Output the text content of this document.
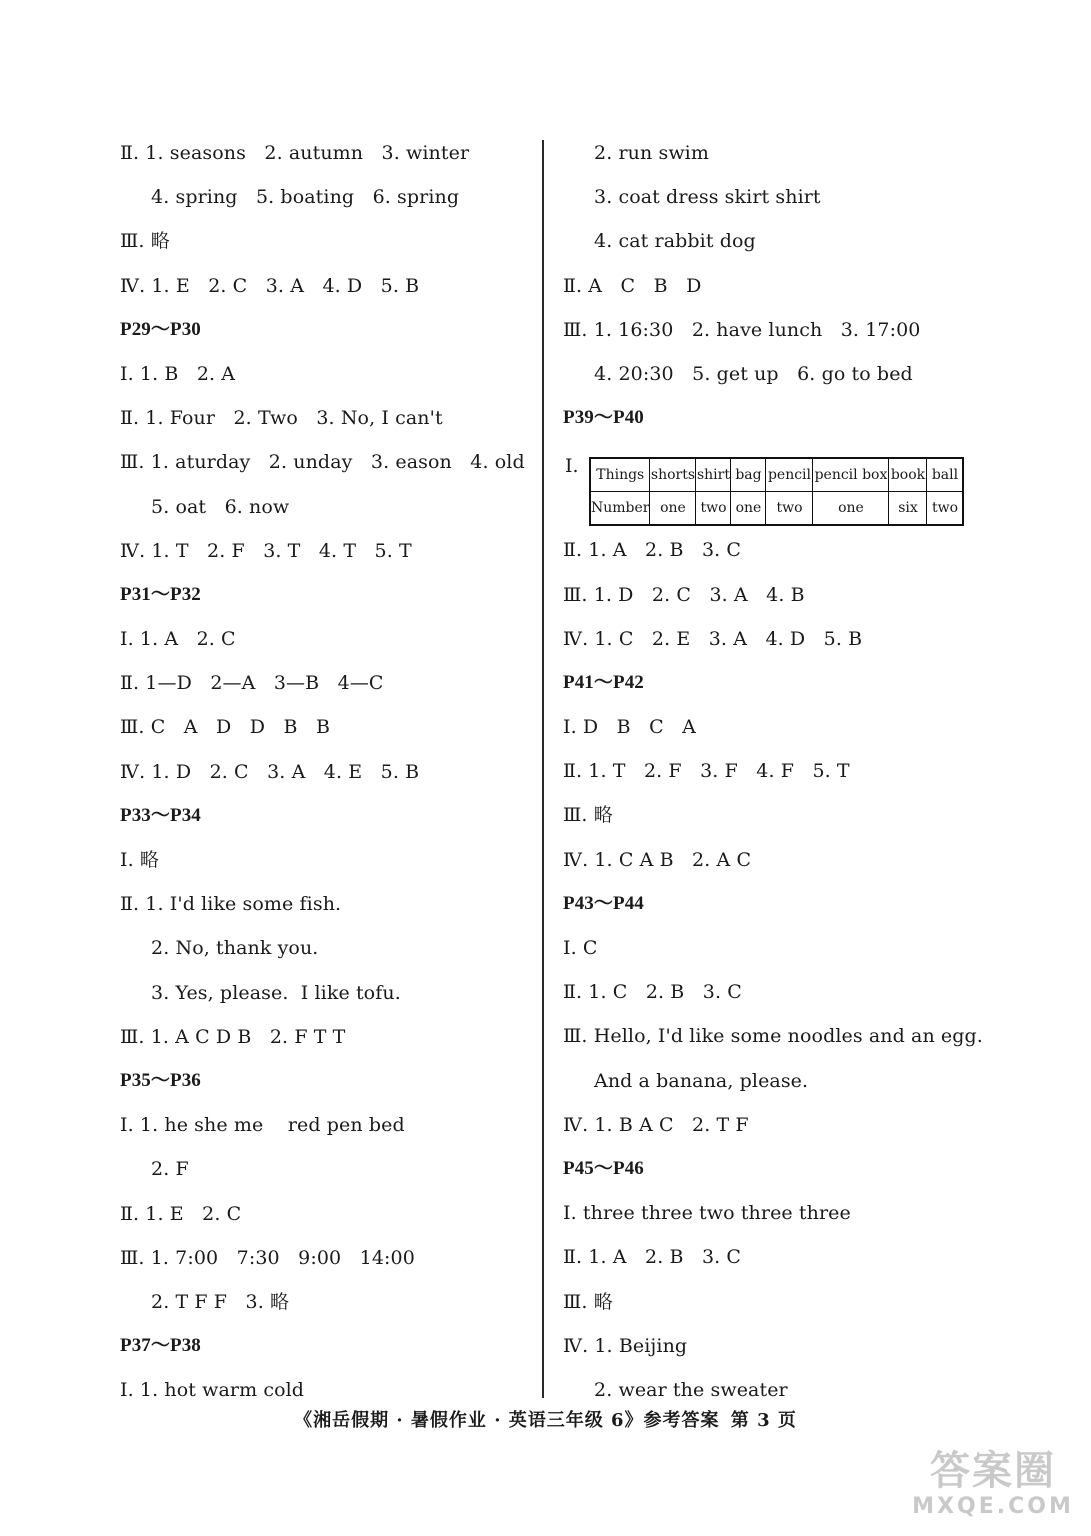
Ⅱ. 1. seasons   2. autumn   3. winter
4. spring   5. boating   6. spring
Ⅲ. 略
Ⅳ. 1. E   2. C   3. A   4. D   5. B
P29～P30
Ⅰ. 1. B   2. A
Ⅱ. 1. Four   2. Two   3. No, I can't
Ⅲ. 1. aturday   2. unday   3. eason   4. old
5. oat   6. now
Ⅳ. 1. T   2. F   3. T   4. T   5. T
P31～P32
Ⅰ. 1. A   2. C
Ⅱ. 1—D   2—A   3—B   4—C
Ⅲ. C   A   D   D   B   B
Ⅳ. 1. D   2. C   3. A   4. E   5. B
P33～P34
Ⅰ. 略
Ⅱ. 1. I'd like some fish.
2. No, thank you.
3. Yes, please.  I like tofu.
Ⅲ. 1. A C D B   2. F T T
P35～P36
Ⅰ. 1. he she me    red pen bed
2. F
Ⅱ. 1. E   2. C
Ⅲ. 1. 7:00   7:30   9:00   14:00
2. T F F   3. 略
P37～P38
Ⅰ. 1. hot warm cold
2. run swim
3. coat dress skirt shirt
4. cat rabbit dog
Ⅱ. A   C   B   D
Ⅲ. 1. 16:30   2. have lunch   3. 17:00
4. 20:30   5. get up   6. go to bed
P39～P40
Ⅰ. Things	shorts	shirt	bag	pencil	pencil box	book	ball
Number	one	two	one	two	one	six	two
Ⅱ. 1. A   2. B   3. C
Ⅲ. 1. D   2. C   3. A   4. B
Ⅳ. 1. C   2. E   3. A   4. D   5. B
P41～P42
Ⅰ. D   B   C   A
Ⅱ. 1. T   2. F   3. F   4. F   5. T
Ⅲ. 略
Ⅳ. 1. C A B   2. A C
P43～P44
Ⅰ. C
Ⅱ. 1. C   2. B   3. C
Ⅲ. Hello, I'd like some noodles and an egg.
And a banana, please.
Ⅳ. 1. B A C   2. T F
P45～P46
Ⅰ. three three two three three
Ⅱ. 1. A   2. B   3. C
Ⅲ. 略
Ⅳ. 1. Beijing
2. wear the sweater
《湘岳假期 · 暑假作业 · 英语三年级 6》参考答案 第 3 页
答案圈
MXQE.COM
